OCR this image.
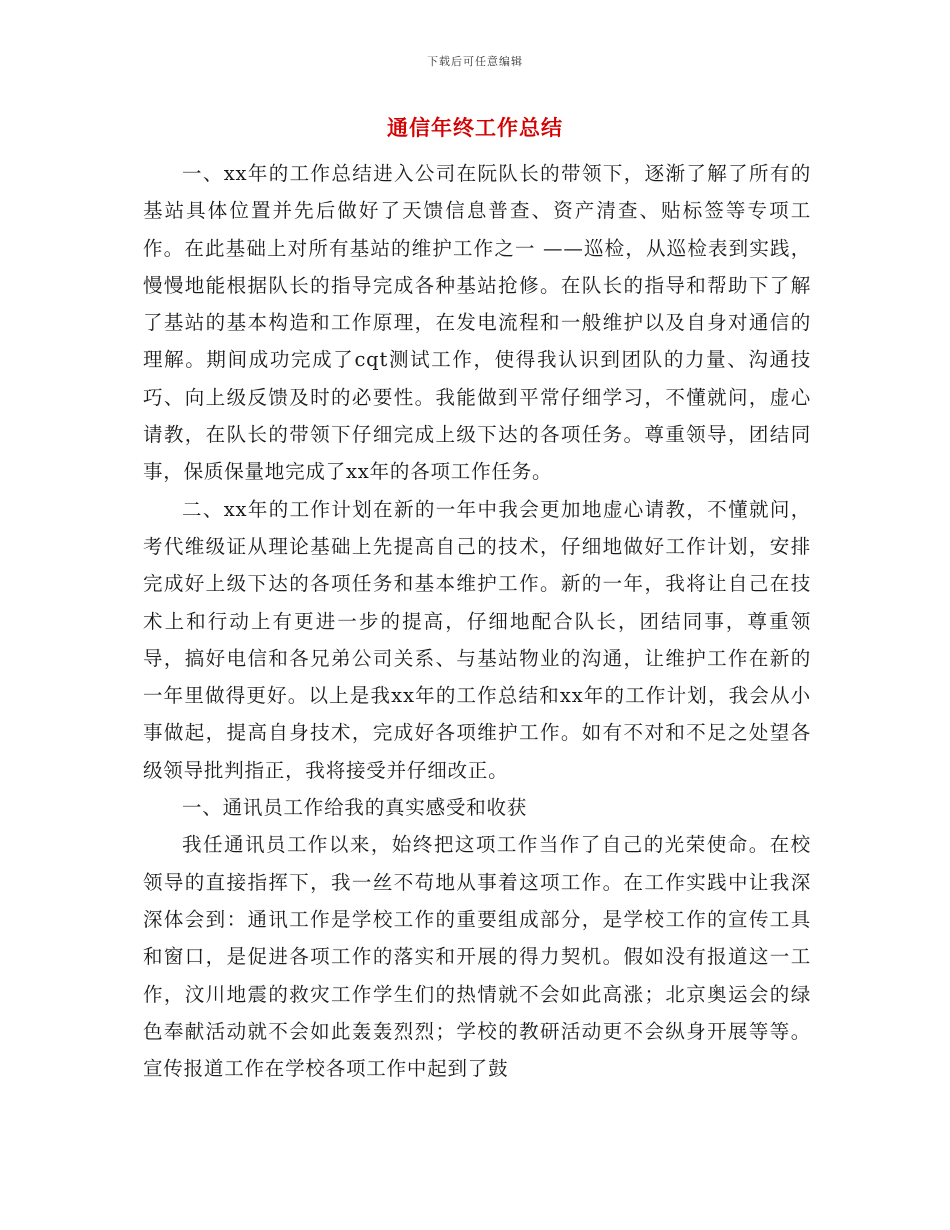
下载后可任意编辑
通信年终工作总结

一、xx年的工作总结进入公司在阮队长的带领下，逐渐了解了所有的基站具体位置并先后做好了天馈信息普查、资产清查、贴标签等专项工作。在此基础上对所有基站的维护工作之一 ——巡检，从巡检表到实践，慢慢地能根据队长的指导完成各种基站抢修。在队长的指导和帮助下了解了基站的基本构造和工作原理，在发电流程和一般维护以及自身对通信的理解。期间成功完成了cqt测试工作，使得我认识到团队的力量、沟通技巧、向上级反馈及时的必要性。我能做到平常仔细学习，不懂就问，虚心请教，在队长的带领下仔细完成上级下达的各项任务。尊重领导，团结同事，保质保量地完成了xx年的各项工作任务。

二、xx年的工作计划在新的一年中我会更加地虚心请教，不懂就问，考代维级证从理论基础上先提高自己的技术，仔细地做好工作计划，安排完成好上级下达的各项任务和基本维护工作。新的一年，我将让自己在技术上和行动上有更进一步的提高，仔细地配合队长，团结同事，尊重领导，搞好电信和各兄弟公司关系、与基站物业的沟通，让维护工作在新的一年里做得更好。以上是我xx年的工作总结和xx年的工作计划，我会从小事做起，提高自身技术，完成好各项维护工作。如有不对和不足之处望各级领导批判指正，我将接受并仔细改正。

一、通讯员工作给我的真实感受和收获

我任通讯员工作以来，始终把这项工作当作了自己的光荣使命。在校领导的直接指挥下，我一丝不苟地从事着这项工作。在工作实践中让我深深体会到：通讯工作是学校工作的重要组成部分，是学校工作的宣传工具和窗口，是促进各项工作的落实和开展的得力契机。假如没有报道这一工作，汶川地震的救灾工作学生们的热情就不会如此高涨；北京奥运会的绿色奉献活动就不会如此轰轰烈烈；学校的教研活动更不会纵身开展等等。宣传报道工作在学校各项工作中起到了鼓
